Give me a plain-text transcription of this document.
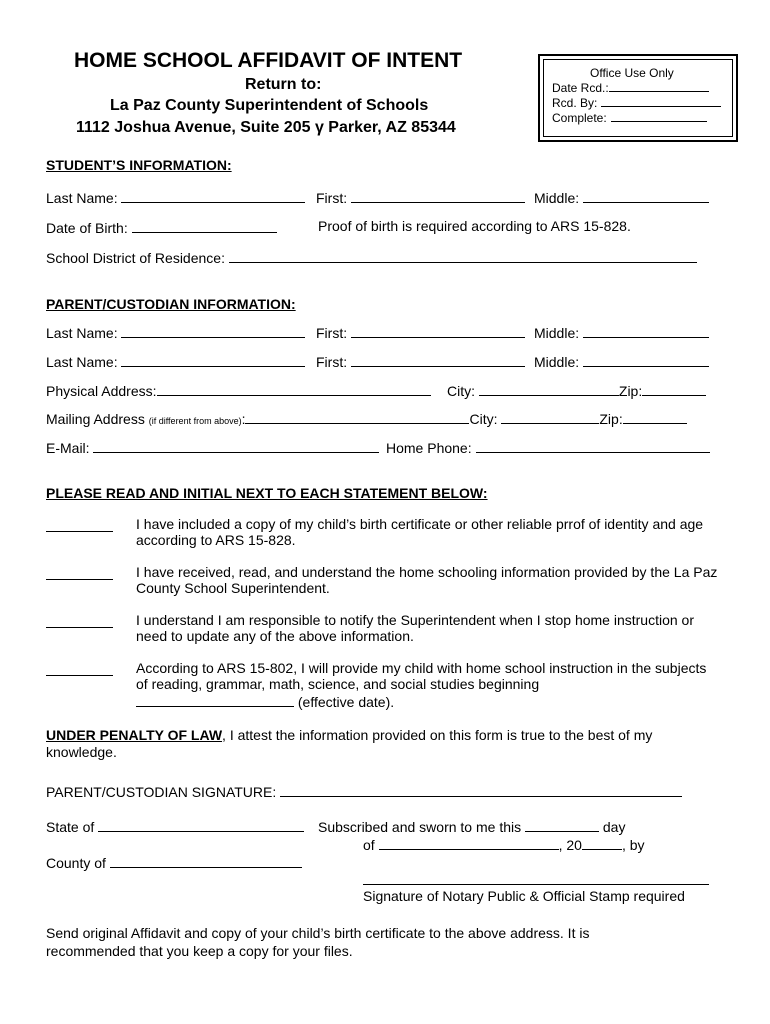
HOME SCHOOL AFFIDAVIT OF INTENT
Return to:
La Paz County Superintendent of Schools
1112 Joshua Avenue, Suite 205 γ Parker, AZ 85344
Office Use Only
Date Rcd.:
Rcd. By:
Complete:
STUDENT’S INFORMATION:
Last Name:	First:	Middle:
Date of Birth:	Proof of birth is required according to ARS 15-828.
School District of Residence:
PARENT/CUSTODIAN INFORMATION:
Last Name:	First:	Middle:
Last Name:	First:	Middle:
Physical Address:	City:	Zip:
Mailing Address (if different from above):	City:	Zip:
E-Mail:	Home Phone:
PLEASE READ AND INITIAL NEXT TO EACH STATEMENT BELOW:
I have included a copy of my child’s birth certificate or other reliable prrof of identity and age according to ARS 15-828.
I have received, read, and understand the home schooling information provided by the La Paz County School Superintendent.
I understand I am responsible to notify the Superintendent when I stop home instruction or need to update any of the above information.
According to ARS 15-802, I will provide my child with home school instruction in the subjects of reading, grammar, math, science, and social studies beginning
(effective date).
UNDER PENALTY OF LAW, I attest the information provided on this form is true to the best of my knowledge.
PARENT/CUSTODIAN SIGNATURE:
State of	Subscribed and sworn to me this	day
of	, 20	, by
County of
Signature of Notary Public & Official Stamp required
Send original Affidavit and copy of your child’s birth certificate to the above address. It is recommended that you keep a copy for your files.
